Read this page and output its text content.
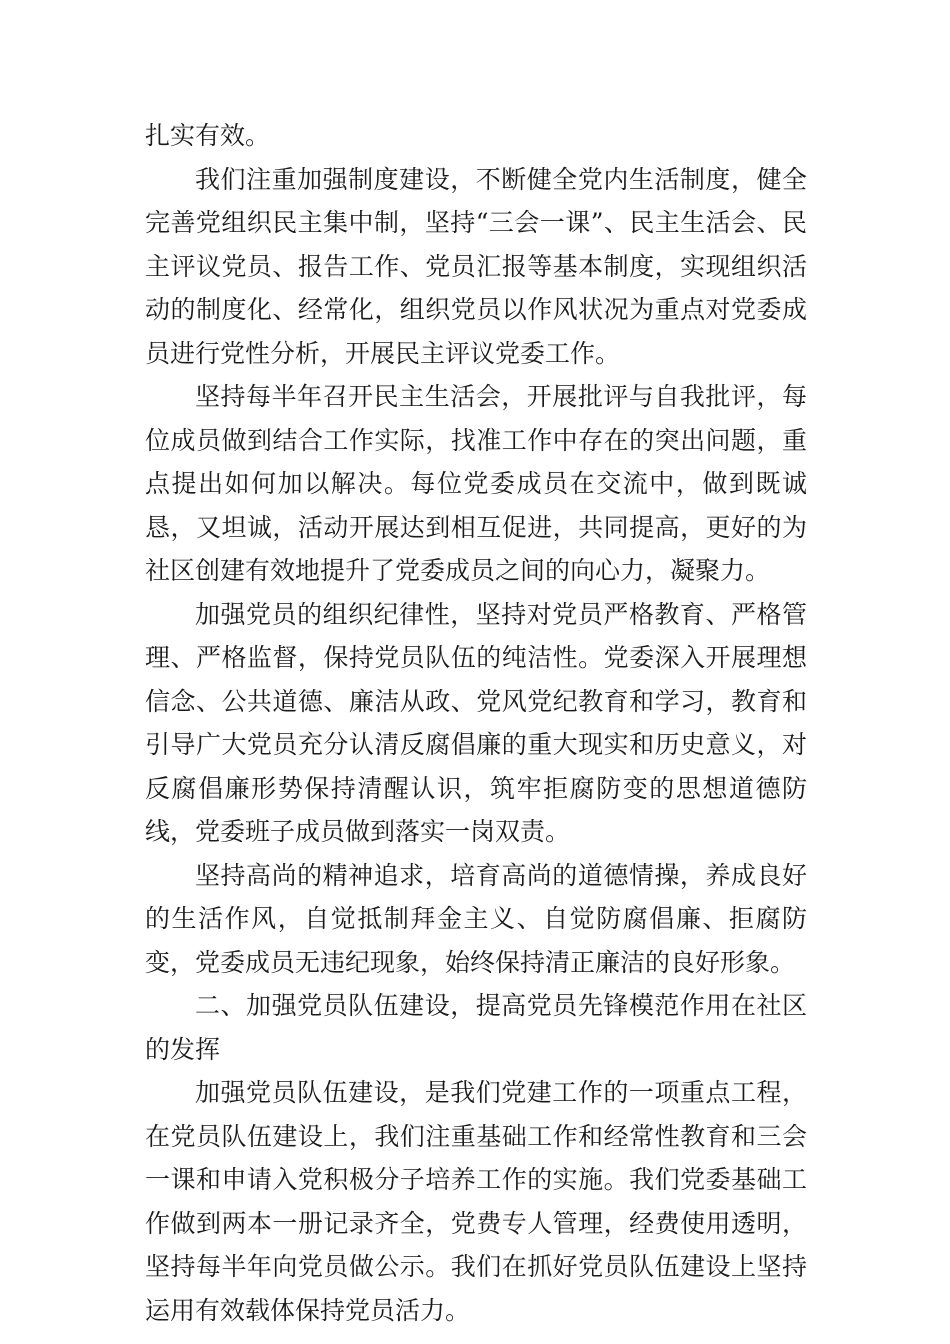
扎实有效。

我们注重加强制度建设，不断健全党内生活制度，健全完善党组织民主集中制，坚持“三会一课”、民主生活会、民主评议党员、报告工作、党员汇报等基本制度，实现组织活动的制度化、经常化，组织党员以作风状况为重点对党委成员进行党性分析，开展民主评议党委工作。

坚持每半年召开民主生活会，开展批评与自我批评，每位成员做到结合工作实际，找准工作中存在的突出问题，重点提出如何加以解决。每位党委成员在交流中，做到既诚恳，又坦诚，活动开展达到相互促进，共同提高，更好的为社区创建有效地提升了党委成员之间的向心力，凝聚力。

加强党员的组织纪律性，坚持对党员严格教育、严格管理、严格监督，保持党员队伍的纯洁性。党委深入开展理想信念、公共道德、廉洁从政、党风党纪教育和学习，教育和引导广大党员充分认清反腐倡廉的重大现实和历史意义，对反腐倡廉形势保持清醒认识，筑牢拒腐防变的思想道德防线，党委班子成员做到落实一岗双责。

坚持高尚的精神追求，培育高尚的道德情操，养成良好的生活作风，自觉抵制拜金主义、自觉防腐倡廉、拒腐防变，党委成员无违纪现象，始终保持清正廉洁的良好形象。

二、加强党员队伍建设，提高党员先锋模范作用在社区的发挥

加强党员队伍建设，是我们党建工作的一项重点工程，在党员队伍建设上，我们注重基础工作和经常性教育和三会一课和申请入党积极分子培养工作的实施。我们党委基础工作做到两本一册记录齐全，党费专人管理，经费使用透明，坚持每半年向党员做公示。我们在抓好党员队伍建设上坚持运用有效载体保持党员活力。
